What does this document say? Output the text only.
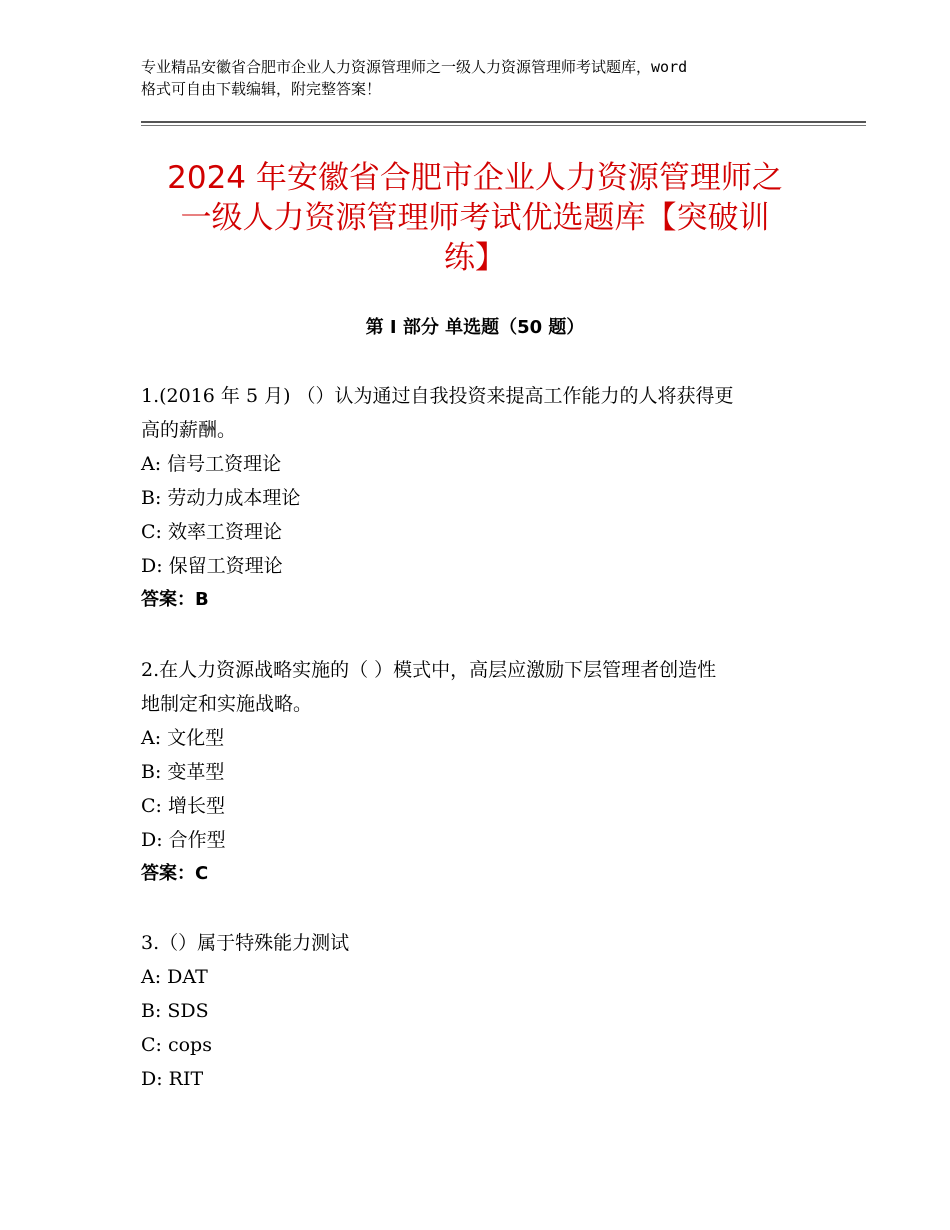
专业精品安徽省合肥市企业人力资源管理师之一级人力资源管理师考试题库，word
格式可自由下载编辑，附完整答案！
2024 年安徽省合肥市企业人力资源管理师之
一级人力资源管理师考试优选题库【突破训
练】
第 I 部分 单选题（50 题）
1.(2016 年 5 月) （）认为通过自我投资来提高工作能力的人将获得更
高的薪酬。
A: 信号工资理论
B: 劳动力成本理论
C: 效率工资理论
D: 保留工资理论
答案：B
2.在人力资源战略实施的（ ）模式中，高层应激励下层管理者创造性
地制定和实施战略。
A: 文化型
B: 变革型
C: 增长型
D: 合作型
答案：C
3.（）属于特殊能力测试
A: DAT
B: SDS
C: cops
D: RIT
